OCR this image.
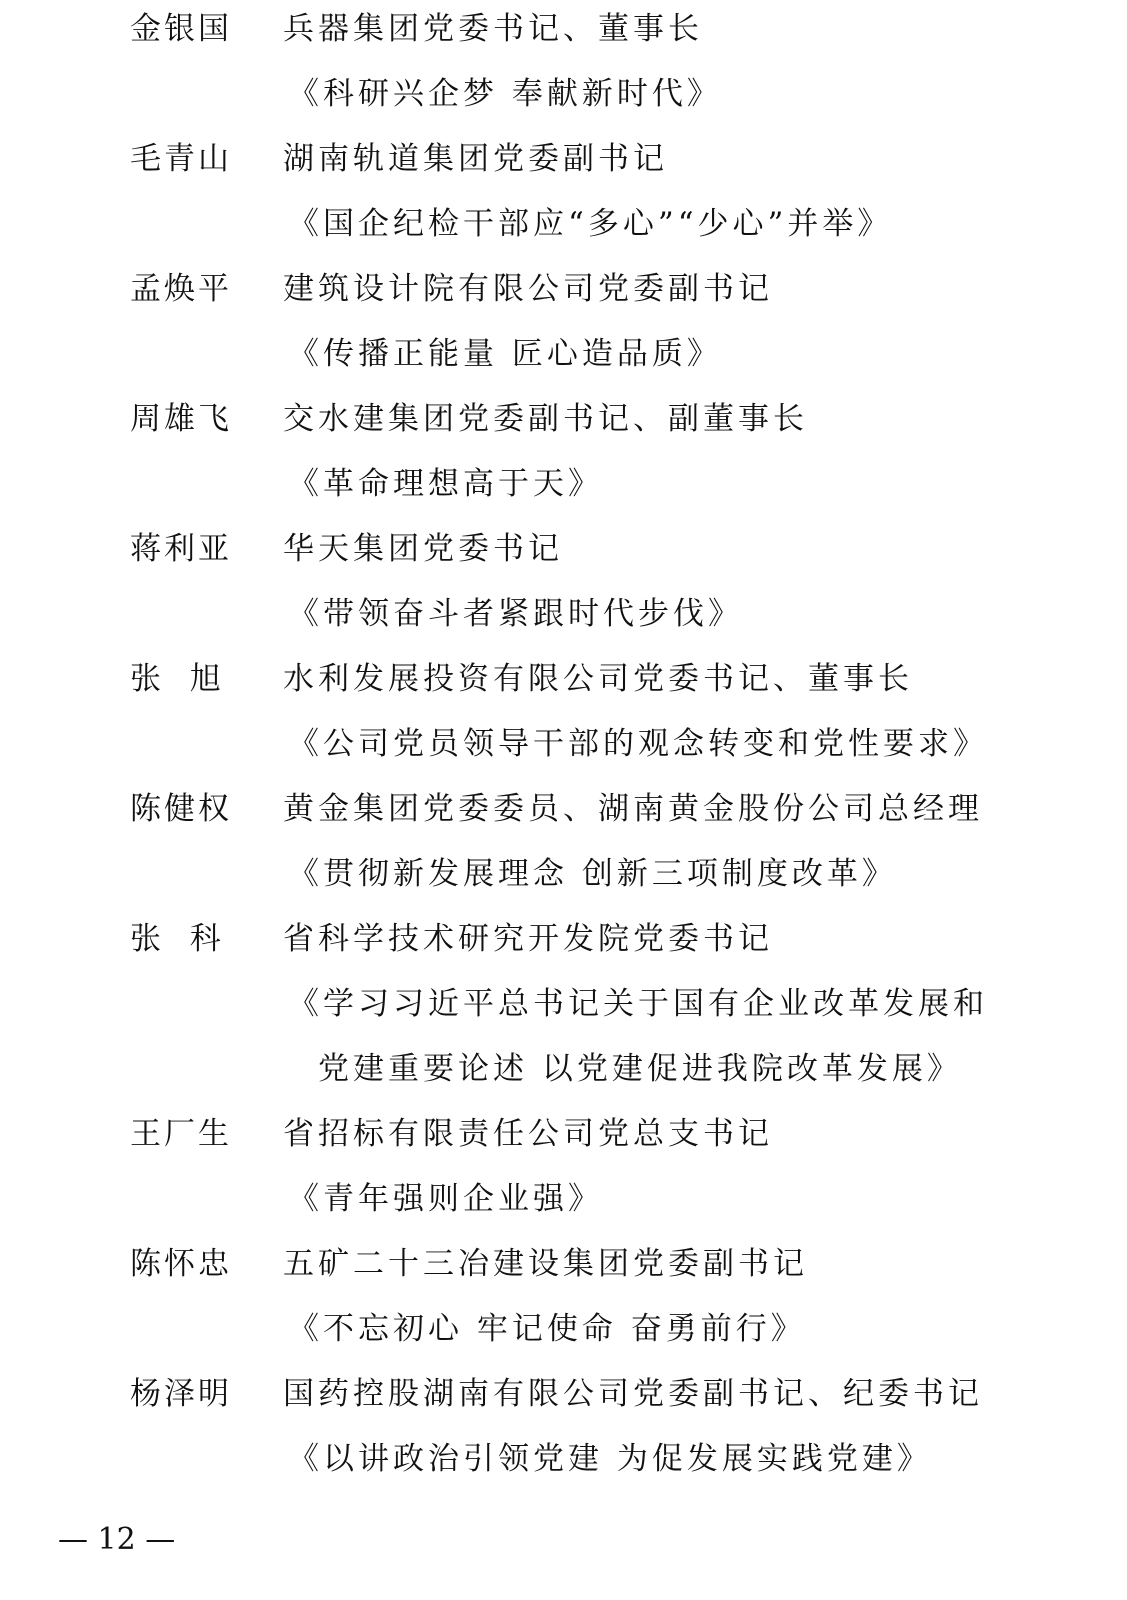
金银国 兵器集团党委书记、董事长
《科研兴企梦 奉献新时代》
毛青山 湖南轨道集团党委副书记
《国企纪检干部应“多心”“少心”并举》
孟焕平 建筑设计院有限公司党委副书记
《传播正能量 匠心造品质》
周雄飞 交水建集团党委副书记、副董事长
《革命理想高于天》
蒋利亚 华天集团党委书记
《带领奋斗者紧跟时代步伐》
张  旭 水利发展投资有限公司党委书记、董事长
《公司党员领导干部的观念转变和党性要求》
陈健权 黄金集团党委委员、湖南黄金股份公司总经理
《贯彻新发展理念 创新三项制度改革》
张  科 省科学技术研究开发院党委书记
《学习习近平总书记关于国有企业改革发展和
党建重要论述 以党建促进我院改革发展》
王厂生 省招标有限责任公司党总支书记
《青年强则企业强》
陈怀忠 五矿二十三冶建设集团党委副书记
《不忘初心 牢记使命 奋勇前行》
杨泽明 国药控股湖南有限公司党委副书记、纪委书记
《以讲政治引领党建 为促发展实践党建》
— 12 —
